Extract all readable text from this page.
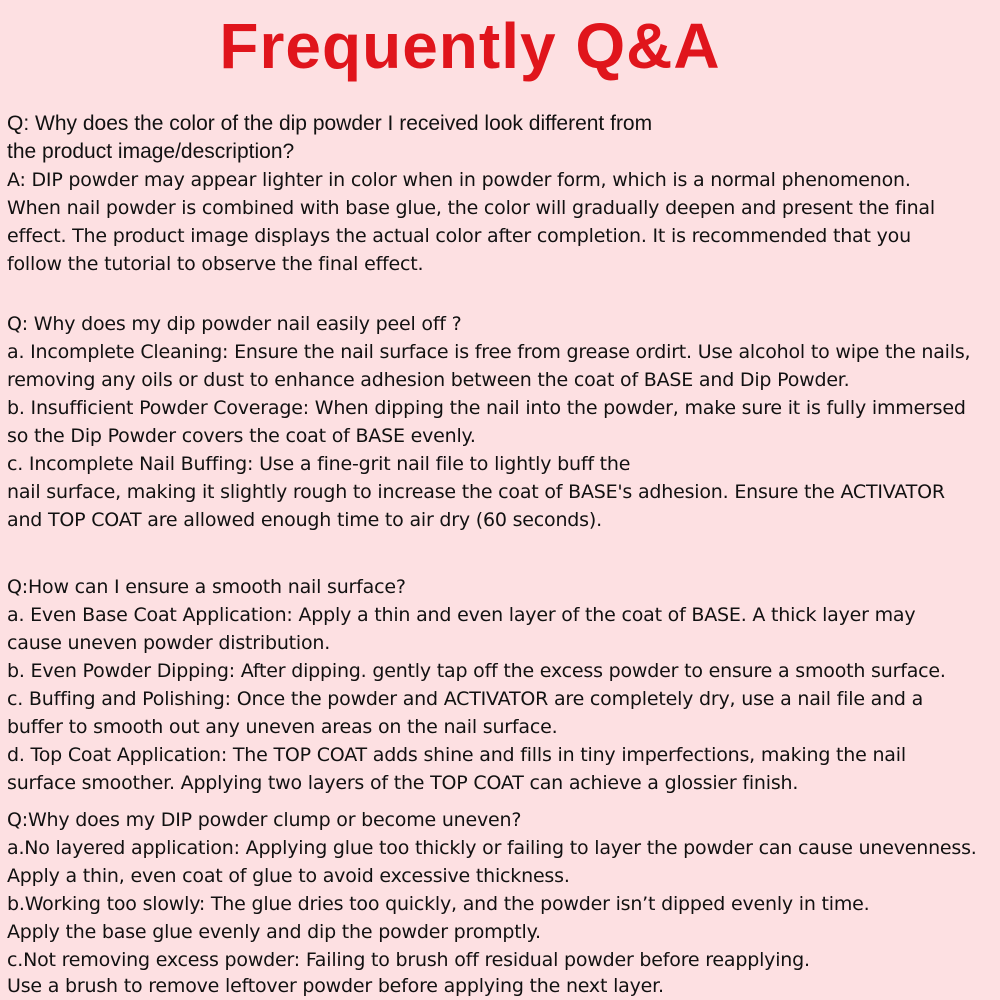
Frequently Q&A
Q: Why does the color of the dip powder I received look different from
the product image/description?
A: DIP powder may appear lighter in color when in powder form, which is a normal phenomenon.
When nail powder is combined with base glue, the color will gradually deepen and present the final
effect. The product image displays the actual color after completion. It is recommended that you
follow the tutorial to observe the final effect.
Q: Why does my dip powder nail easily peel off ?
a. Incomplete Cleaning: Ensure the nail surface is free from grease ordirt. Use alcohol to wipe the nails,
removing any oils or dust to enhance adhesion between the coat of BASE and Dip Powder.
b. Insufficient Powder Coverage: When dipping the nail into the powder, make sure it is fully immersed
so the Dip Powder covers the coat of BASE evenly.
c. Incomplete Nail Buffing: Use a fine-grit nail file to lightly buff the
nail surface, making it slightly rough to increase the coat of BASE's adhesion. Ensure the ACTIVATOR
and TOP COAT are allowed enough time to air dry (60 seconds).
Q:How can I ensure a smooth nail surface?
a. Even Base Coat Application: Apply a thin and even layer of the coat of BASE. A thick layer may
cause uneven powder distribution.
b. Even Powder Dipping: After dipping. gently tap off the excess powder to ensure a smooth surface.
c. Buffing and Polishing: Once the powder and ACTIVATOR are completely dry, use a nail file and a
buffer to smooth out any uneven areas on the nail surface.
d. Top Coat Application: The TOP COAT adds shine and fills in tiny imperfections, making the nail
surface smoother. Applying two layers of the TOP COAT can achieve a glossier finish.
Q:Why does my DIP powder clump or become uneven?
a.No layered application: Applying glue too thickly or failing to layer the powder can cause unevenness.
Apply a thin, even coat of glue to avoid excessive thickness.
b.Working too slowly: The glue dries too quickly, and the powder isn’t dipped evenly in time.
Apply the base glue evenly and dip the powder promptly.
c.Not removing excess powder: Failing to brush off residual powder before reapplying.
Use a brush to remove leftover powder before applying the next layer.
